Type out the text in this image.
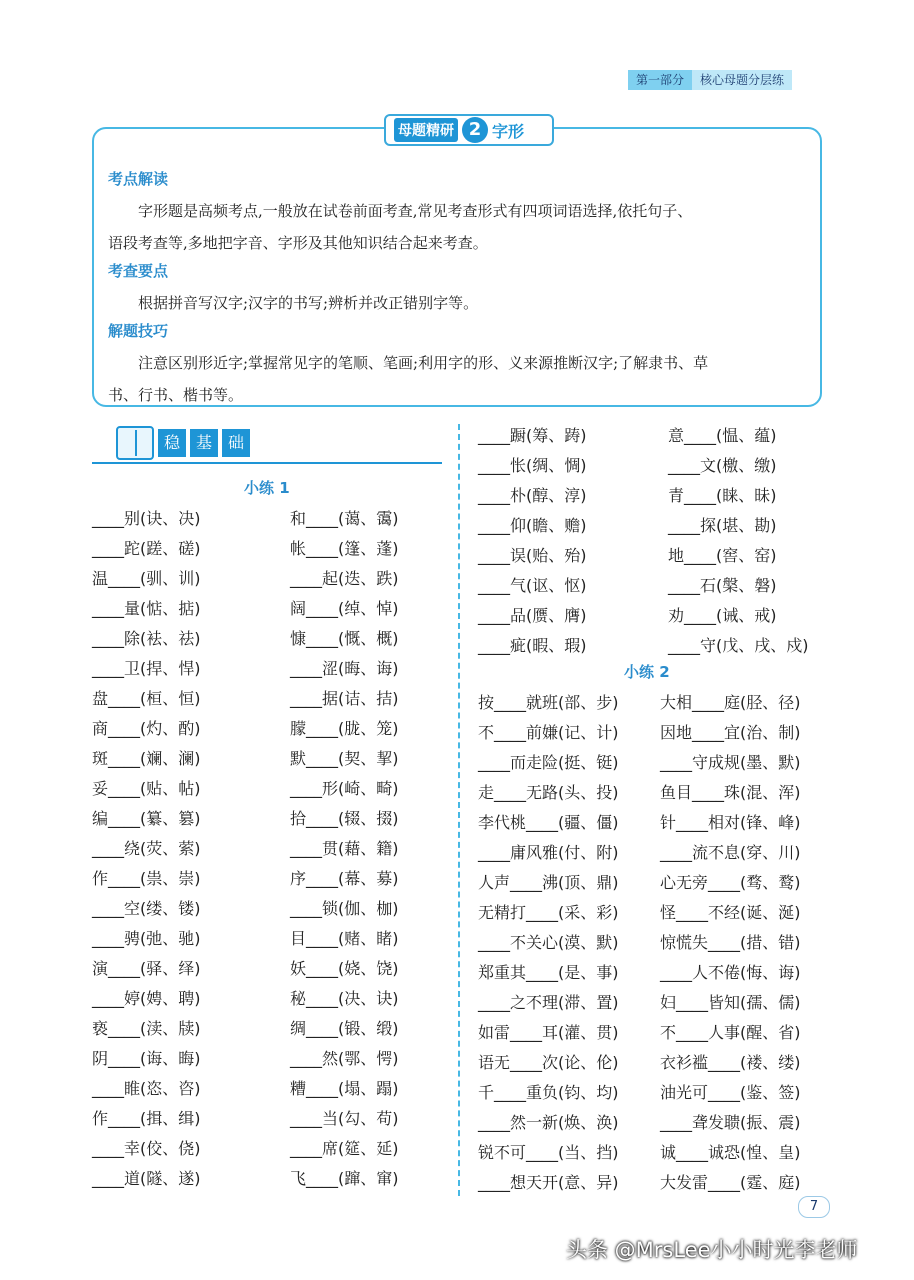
第一部分	核心母题分层练
母题精研 2 字形
考点解读
字形题是高频考点,一般放在试卷前面考查,常见考查形式有四项词语选择,依托句子、
语段考查等,多地把字音、字形及其他知识结合起来考查。
考查要点
根据拼音写汉字;汉字的书写;辨析并改正错别字等。
解题技巧
注意区别形近字;掌握常见字的笔顺、笔画;利用字的形、义来源推断汉字;了解隶书、草
书、行书、楷书等。
稳 基 础
小练 1
小练 2
____别(诀、决)
____跎(蹉、磋)
温____(驯、训)
____量(惦、掂)
____除(袪、祛)
____卫(捍、悍)
盘____(桓、恒)
商____(灼、酌)
斑____(斓、澜)
妥____(贴、帖)
编____(纂、篡)
____绕(荧、萦)
作____(祟、崇)
____空(缕、镂)
____骋(弛、驰)
演____(驿、绎)
____婷(娉、聘)
亵____(渎、牍)
阴____(诲、晦)
____睢(恣、咨)
作____(揖、缉)
____幸(佼、侥)
____道(隧、遂)
和____(蔼、霭)
帐____(篷、蓬)
____起(迭、跌)
阔____(绰、悼)
慷____(慨、概)
____涩(晦、诲)
____据(诘、拮)
朦____(胧、笼)
默____(契、挈)
____形(崎、畸)
拾____(辍、掇)
____贯(藉、籍)
序____(幕、募)
____锁(伽、枷)
目____(赌、睹)
妖____(娆、饶)
秘____(决、诀)
绸____(锻、缎)
____然(鄂、愕)
糟____(塌、蹋)
____当(勾、苟)
____席(筵、延)
飞____(蹿、窜)
____蹰(筹、踌)
____怅(绸、惆)
____朴(醇、淳)
____仰(瞻、赡)
____误(贻、殆)
____气(讴、怄)
____品(赝、膺)
____疵(暇、瑕)
意____(愠、蕴)
____文(檄、缴)
青____(睐、昧)
____探(堪、勘)
地____(窖、窑)
____石(槃、磐)
劝____(诫、戒)
____守(戊、戌、戍)
按____就班(部、步)
不____前嫌(记、计)
____而走险(挺、铤)
走____无路(头、投)
李代桃____(疆、僵)
____庸风雅(付、附)
人声____沸(顶、鼎)
无精打____(采、彩)
____不关心(漠、默)
郑重其____(是、事)
____之不理(滞、置)
如雷____耳(灌、贯)
语无____次(论、伦)
千____重负(钧、均)
____然一新(焕、涣)
锐不可____(当、挡)
____想天开(意、异)
大相____庭(胫、径)
因地____宜(治、制)
____守成规(墨、默)
鱼目____珠(混、浑)
针____相对(锋、峰)
____流不息(穿、川)
心无旁____(骛、鹜)
怪____不经(诞、涎)
惊慌失____(措、错)
____人不倦(悔、诲)
妇____皆知(孺、儒)
不____人事(醒、省)
衣衫褴____(褛、缕)
油光可____(鉴、签)
____聋发聩(振、震)
诚____诚恐(惶、皇)
大发雷____(霆、庭)
7
头条 @MrsLee小小时光李老师
